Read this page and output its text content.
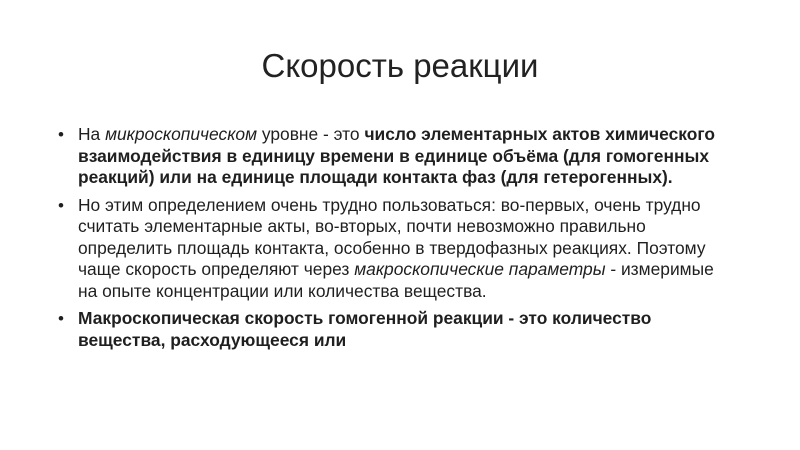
Скорость реакции
• На микроскопическом уровне - это число элементарных актов химического взаимодействия в единицу времени в единице объёма (для гомогенных реакций) или на единице площади контакта фаз (для гетерогенных).
• Но этим определением очень трудно пользоваться: во-первых, очень трудно считать элементарные акты, во-вторых, почти невозможно правильно определить площадь контакта, особенно в твердофазных реакциях. Поэтому чаще скорость определяют через макроскопические параметры - измеримые на опыте концентрации или количества вещества.
• Макроскопическая скорость гомогенной реакции - это количество вещества, расходующееся или
